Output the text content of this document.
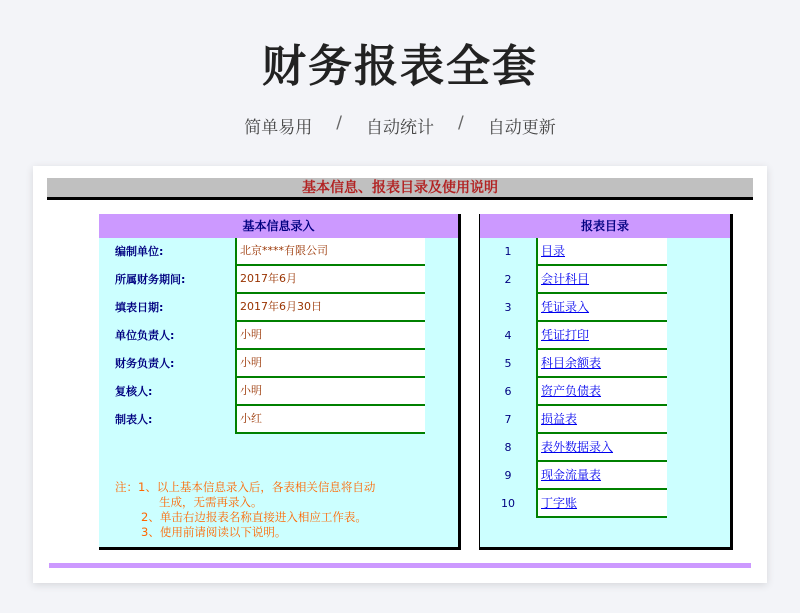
财务报表全套
简单易用 / 自动统计 / 自动更新
基本信息、报表目录及使用说明
基本信息录入
编制单位:	北京****有限公司
所属财务期间:	2017年6月
填表日期:	2017年6月30日
单位负责人:	小明
财务负责人:	小明
复核人:	小明
制表人:	小红
注：1、以上基本信息录入后，各表相关信息将自动
生成，无需再录入。
2、单击右边报表名称直接进入相应工作表。
3、使用前请阅读以下说明。
报表目录
1	目录
2	会计科目
3	凭证录入
4	凭证打印
5	科目余额表
6	资产负债表
7	损益表
8	表外数据录入
9	现金流量表
10	丁字账
